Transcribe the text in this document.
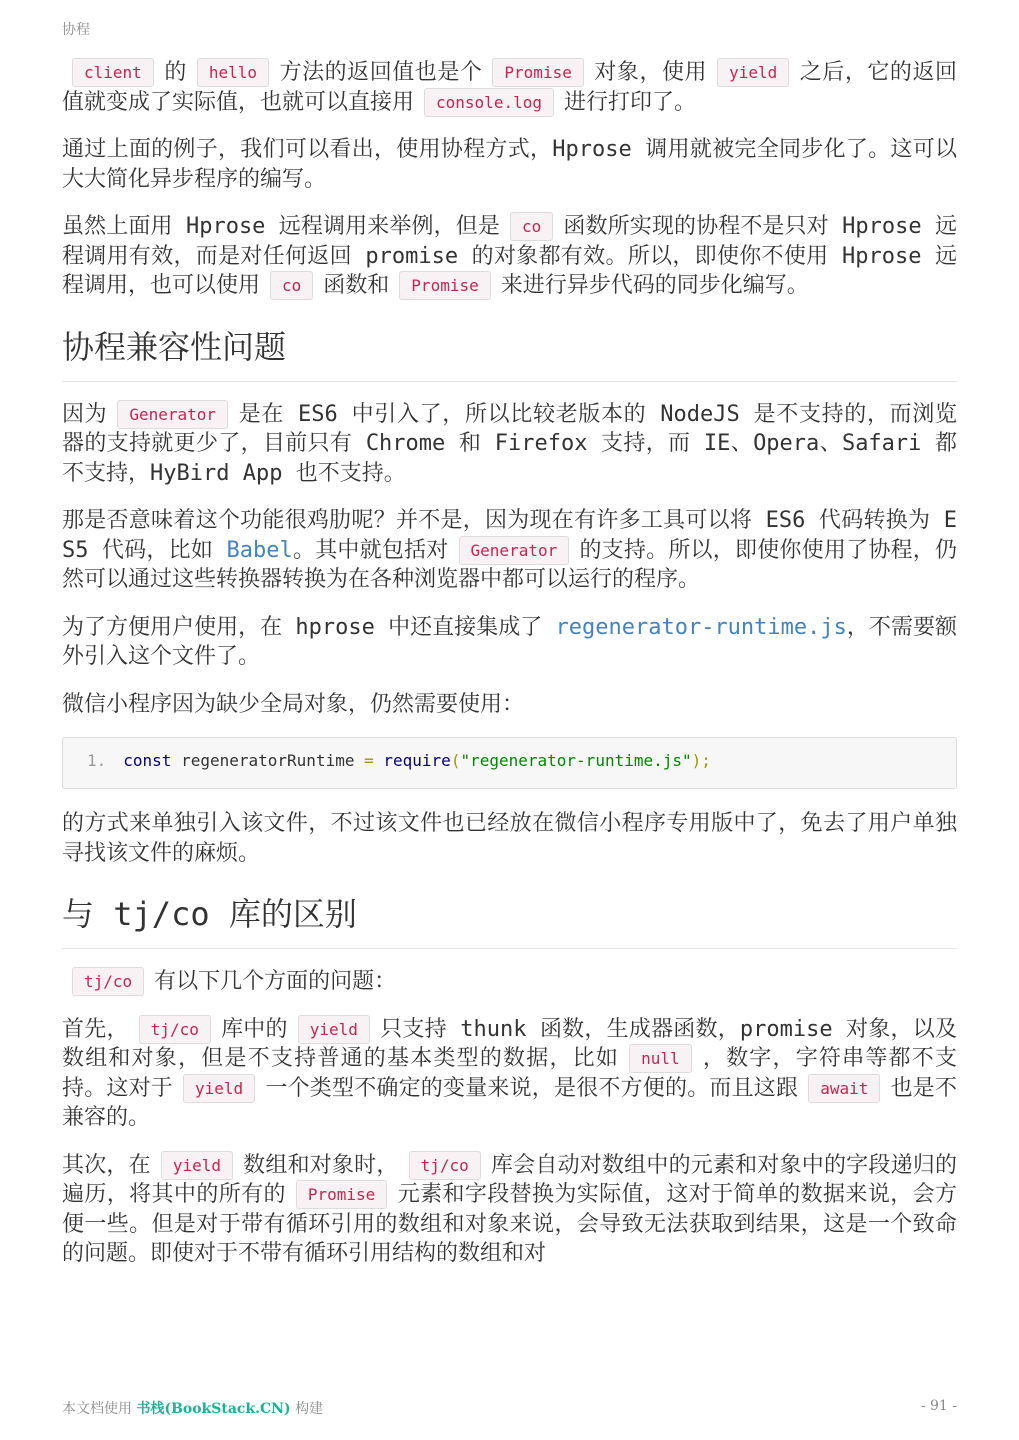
协程

client 的 hello 方法的返回值也是个 Promise 对象，使用 yield 之后，它的返回值就变成了实际值，也就可以直接用 console.log 进行打印了。

通过上面的例子，我们可以看出，使用协程方式，Hprose 调用就被完全同步化了。这可以大大简化异步程序的编写。

虽然上面用 Hprose 远程调用来举例，但是 co 函数所实现的协程不是只对 Hprose 远程调用有效，而是对任何返回 promise 的对象都有效。所以，即使你不使用 Hprose 远程调用，也可以使用 co 函数和 Promise 来进行异步代码的同步化编写。

协程兼容性问题

因为 Generator 是在 ES6 中引入了，所以比较老版本的 NodeJS 是不支持的，而浏览器的支持就更少了，目前只有 Chrome 和 Firefox 支持，而 IE、Opera、Safari 都不支持，HyBird App 也不支持。

那是否意味着这个功能很鸡肋呢？并不是，因为现在有许多工具可以将 ES6 代码转换为 ES5 代码，比如 Babel。其中就包括对 Generator 的支持。所以，即使你使用了协程，仍然可以通过这些转换器转换为在各种浏览器中都可以运行的程序。

为了方便用户使用，在 hprose 中还直接集成了 regenerator-runtime.js，不需要额外引入这个文件了。

微信小程序因为缺少全局对象，仍然需要使用：

1. const regeneratorRuntime = require("regenerator-runtime.js");

的方式来单独引入该文件，不过该文件也已经放在微信小程序专用版中了，免去了用户单独寻找该文件的麻烦。

与 tj/co 库的区别

tj/co 有以下几个方面的问题：

首先， tj/co 库中的 yield 只支持 thunk 函数，生成器函数，promise 对象，以及数组和对象，但是不支持普通的基本类型的数据，比如 null ，数字，字符串等都不支持。这对于 yield 一个类型不确定的变量来说，是很不方便的。而且这跟 await 也是不兼容的。

其次，在 yield 数组和对象时， tj/co 库会自动对数组中的元素和对象中的字段递归的遍历，将其中的所有的 Promise 元素和字段替换为实际值，这对于简单的数据来说，会方便一些。但是对于带有循环引用的数组和对象来说，会导致无法获取到结果，这是一个致命的问题。即使对于不带有循环引用结构的数组和对

本文档使用 书栈(BookStack.CN) 构建	- 91 -
